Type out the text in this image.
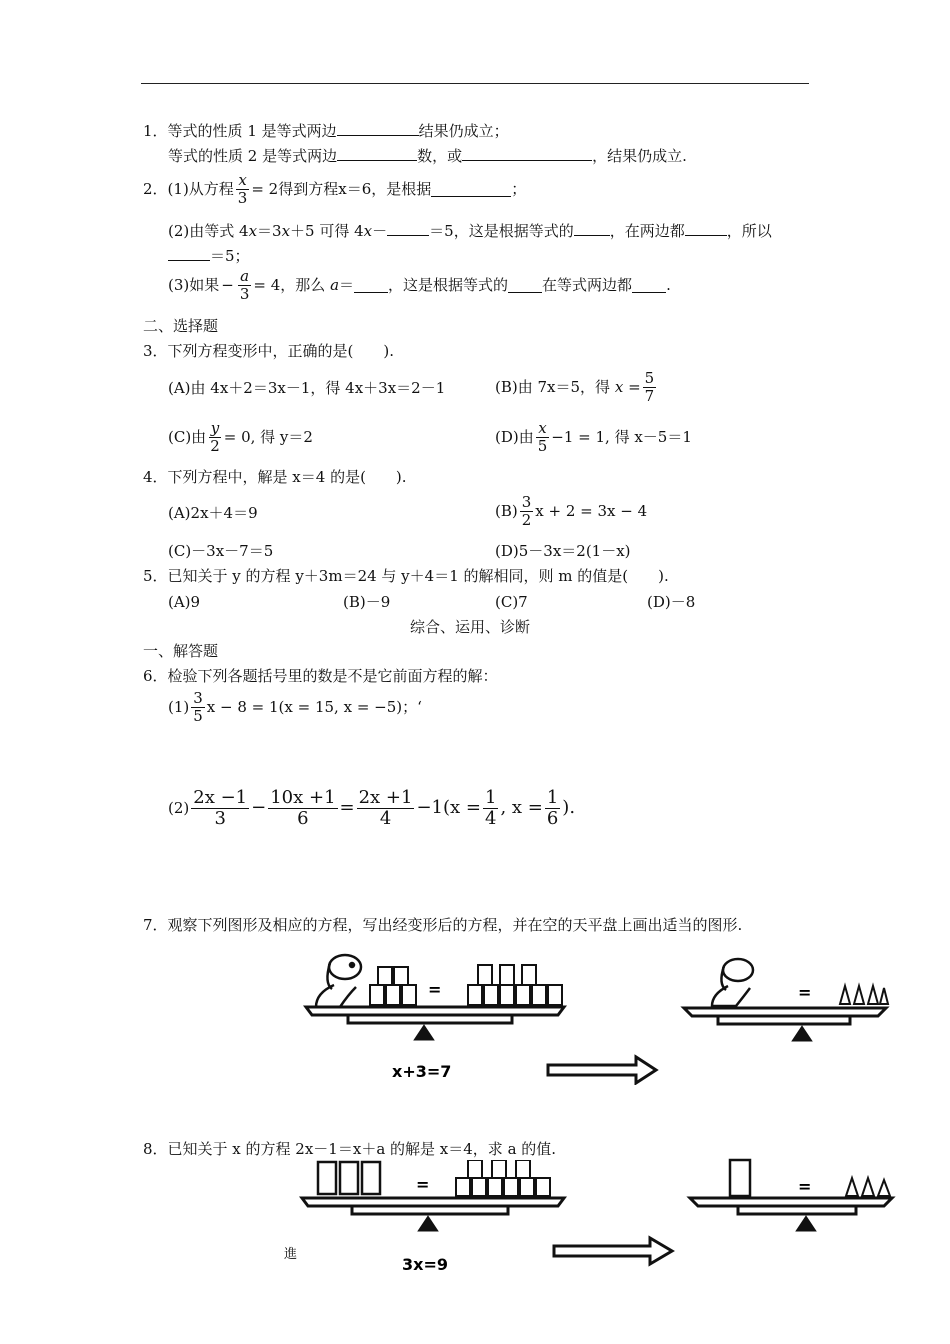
1．等式的性质 1 是等式两边	结果仍成立；
等式的性质 2 是等式两边	数，或	，结果仍成立.
2． (1)从方程 $\frac{x}{3} = 2$ 得到方程 x＝6，是根据	；
(2)由等式 4x＝3x＋5 可得 4x－	＝5，这是根据等式的 ，在两边都	，所以
＝5；
(3)如果 − $\frac{a}{3} = 4$ ，那么
a ＝ ，这是根据等式的 在等式两边都 .
二、选择题
3．下列方程变形中，正确的是(　　).
(A)由 4x＋2＝3x－1，得 4x＋3x＝2－1	(B)由 7x＝5，得
$x = \frac{5}{7}$
(C)由 $\frac{y}{2} = 0$, 得 y＝2	(D)由 $\frac{x}{5} -1 = 1$, 得 x－5＝1
4．下列方程中，解是 x＝4 的是(　　).
(A)2x＋4＝9	$(B) \frac{3}{2}$ x + 2 = 3x − 4
(C)－3x－7＝5	(D)5－3x＝2(1－x)
5．已知关于 y 的方程 y＋3m＝24 与 y＋4＝1 的解相同，则 m 的值是(　　).
(A)9	(B)－9	(C)7	(D)－8
综合、运用、诊断
一、解答题
6．检验下列各题括号里的数是不是它前面方程的解：
$(1) \frac{3}{5}$ x − 8 = 1(x = 15, x = −5)；‘
$(2) \frac{2x -1}{3} - \frac{10x +1}{6} = \frac{2x +1}{4} -1(x = \frac{1}{4}$ , $x = \frac{1}{6}$ ).
7．观察下列图形及相应的方程，写出经变形后的方程，并在空的天平盘上画出适当的图形.
=
x+3=7
=
8．已知关于 x 的方程 2x－1＝x＋a 的解是 x＝4，求 a 的值.
=
3x=9
進
=
